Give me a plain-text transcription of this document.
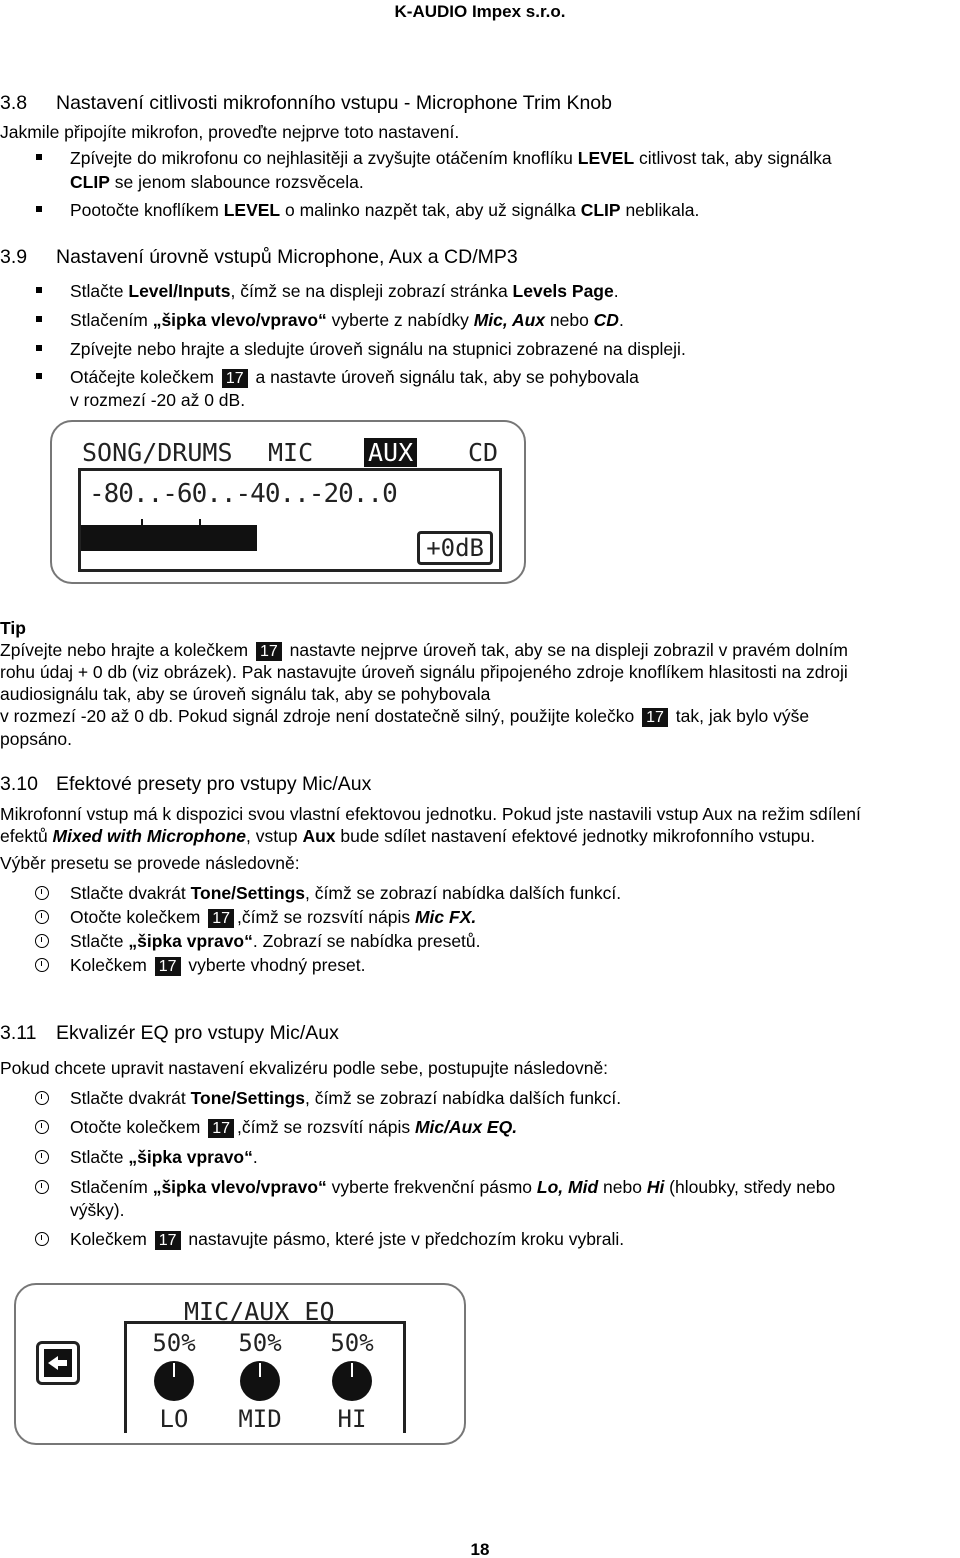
K-AUDIO Impex s.r.o.
3.8 Nastavení citlivosti mikrofonního vstupu - Microphone Trim Knob
Jakmile připojíte mikrofon, proveďte nejprve toto nastavení.
Zpívejte do mikrofonu co nejhlasitěji a zvyšujte otáčením knoflíku LEVEL citlivost tak, aby signálka
CLIP se jenom slabounce rozsvěcela.
Pootočte knoflíkem LEVEL o malinko nazpět tak, aby už signálka CLIP neblikala.
3.9 Nastavení úrovně vstupů Microphone, Aux a CD/MP3
Stlačte Level/Inputs, čímž se na displeji zobrazí stránka Levels Page.
Stlačením „šipka vlevo/vpravo“ vyberte z nabídky Mic, Aux nebo CD.
Zpívejte nebo hrajte a sledujte úroveň signálu na stupnici zobrazené na displeji.
Otáčejte kolečkem 17 a nastavte úroveň signálu tak, aby se pohybovala
v rozmezí -20 až 0 dB.
SONG/DRUMS MIC AUX CD
-80..-60..-40..-20..0
+0dB
Tip
Zpívejte nebo hrajte a kolečkem 17 nastavte nejprve úroveň tak, aby se na displeji zobrazil v pravém dolním
rohu údaj + 0 db (viz obrázek). Pak nastavujte úroveň signálu připojeného zdroje knoflíkem hlasitosti na zdroji
audiosignálu tak, aby se úroveň signálu tak, aby se pohybovala
v rozmezí -20 až 0 db. Pokud signál zdroje není dostatečně silný, použijte kolečko 17 tak, jak bylo výše
popsáno.
3.10 Efektové presety pro vstupy Mic/Aux
Mikrofonní vstup má k dispozici svou vlastní efektovou jednotku. Pokud jste nastavili vstup Aux na režim sdílení
efektů Mixed with Microphone, vstup Aux bude sdílet nastavení efektové jednotky mikrofonního vstupu.
Výběr presetu se provede následovně:
Stlačte dvakrát Tone/Settings, čímž se zobrazí nabídka dalších funkcí.
Otočte kolečkem 17 ,čímž se rozsvítí nápis Mic FX.
Stlačte „šipka vpravo“. Zobrazí se nabídka presetů.
Kolečkem 17 vyberte vhodný preset.
3.11 Ekvalizér EQ pro vstupy Mic/Aux
Pokud chcete upravit nastavení ekvalizéru podle sebe, postupujte následovně:
Stlačte dvakrát Tone/Settings, čímž se zobrazí nabídka dalších funkcí.
Otočte kolečkem 17 ,čímž se rozsvítí nápis Mic/Aux EQ.
Stlačte „šipka vpravo“.
Stlačením „šipka vlevo/vpravo“ vyberte frekvenční pásmo Lo, Mid nebo Hi (hloubky, středy nebo
výšky).
Kolečkem 17 nastavujte pásmo, které jste v předchozím kroku vybrali.
MIC/AUX EQ
50%
LO
50%
MID
50%
HI
18
